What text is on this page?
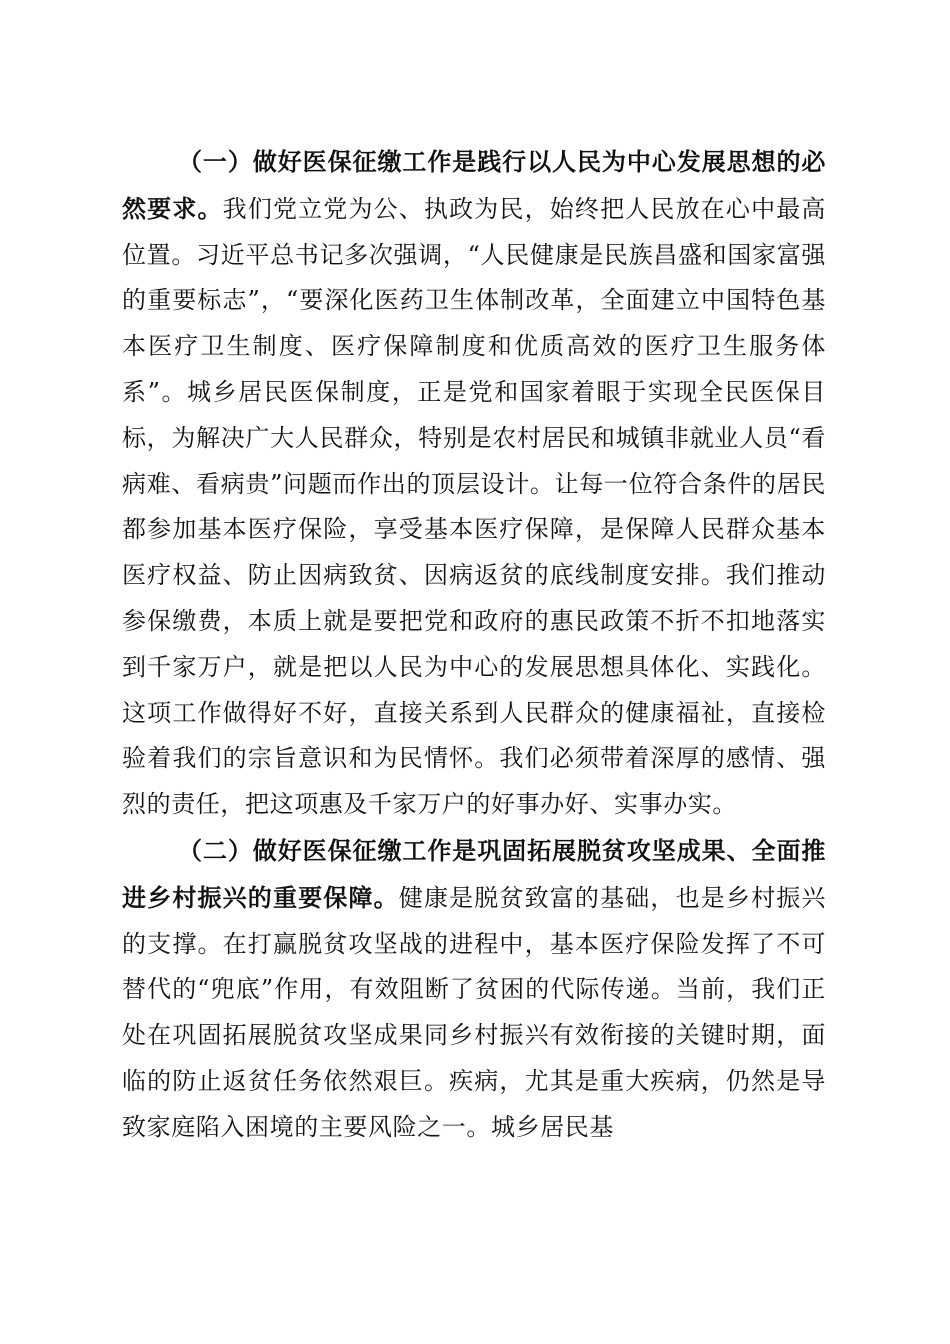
（一）做好医保征缴工作是践行以人民为中心发展思想的必然要求。我们党立党为公、执政为民，始终把人民放在心中最高位置。习近平总书记多次强调，“人民健康是民族昌盛和国家富强的重要标志”，“要深化医药卫生体制改革，全面建立中国特色基本医疗卫生制度、医疗保障制度和优质高效的医疗卫生服务体系”。城乡居民医保制度，正是党和国家着眼于实现全民医保目标，为解决广大人民群众，特别是农村居民和城镇非就业人员“看病难、看病贵”问题而作出的顶层设计。让每一位符合条件的居民都参加基本医疗保险，享受基本医疗保障，是保障人民群众基本医疗权益、防止因病致贫、因病返贫的底线制度安排。我们推动参保缴费，本质上就是要把党和政府的惠民政策不折不扣地落实到千家万户，就是把以人民为中心的发展思想具体化、实践化。这项工作做得好不好，直接关系到人民群众的健康福祉，直接检验着我们的宗旨意识和为民情怀。我们必须带着深厚的感情、强烈的责任，把这项惠及千家万户的好事办好、实事办实。

（二）做好医保征缴工作是巩固拓展脱贫攻坚成果、全面推进乡村振兴的重要保障。健康是脱贫致富的基础，也是乡村振兴的支撑。在打赢脱贫攻坚战的进程中，基本医疗保险发挥了不可替代的“兜底”作用，有效阻断了贫困的代际传递。当前，我们正处在巩固拓展脱贫攻坚成果同乡村振兴有效衔接的关键时期，面临的防止返贫任务依然艰巨。疾病，尤其是重大疾病，仍然是导致家庭陷入困境的主要风险之一。城乡居民基
